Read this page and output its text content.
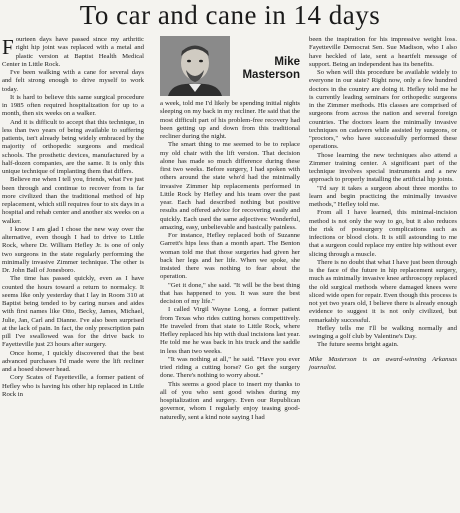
To car and cane in 14 days

Fourteen days have passed since my arthritic right hip joint was replaced with a metal and plastic version at Baptist Health Medical Center in Little Rock.

I've been walking with a cane for several days and felt strong enough to drive myself to work today.

It is hard to believe this same surgical procedure in 1985 often required hospitalization for up to a month, then six weeks on a walker.

And it is difficult to accept that this technique, in less than two years of being available to suffering patients, isn't already being widely embraced by the majority of orthopedic surgeons and medical schools. The prosthetic devices, manufactured by a half-dozen companies, are the same. It is only this unique technique of implanting them that differs.

Believe me when I tell you, friends, what I've just been through and continue to recover from is far more civilized than the traditional method of hip replacement, which still requires four to six days in a hospital and rehab center and another six weeks on a walker.

I know I am glad I chose the new way over the alternative, even though I had to drive to Little Rock, where Dr. William Hefley Jr. is one of only two surgeons in the state regularly performing the minimally invasive Zimmer technique. The other is Dr. John Ball of Jonesboro.

The time has passed quickly, even as I have counted the hours toward a return to normalcy. It seems like only yesterday that I lay in Room 310 at Baptist being tended to by caring nurses and aides with first names like Otto, Becky, James, Michael, Julie, Jan, Carl and Dianne. I've also been surprised at the lack of pain. In fact, the only prescription pain pill I've swallowed was for the drive back to Fayetteville just 23 hours after surgery.

Once home, I quickly discovered that the best advanced purchases I'd made were the lift recliner and a hosed shower head.

Cory Scates of Fayetteville, a former patient of Hefley who is having his other hip replaced in Little Rock in

Mike
Masterson

a week, told me I'd likely be spending initial nights sleeping on my back in my recliner. He said that the most difficult part of his problem-free recovery had been getting up and down from this traditional recliner during the night.

The smart thing to me seemed to be to replace my old chair with the lift version. That decision alone has made so much difference during these first two weeks. Before surgery, I had spoken with others around the state who'd had the minimally invasive Zimmer hip replacements performed in Little Rock by Hefley and his team over the past year. Each had described nothing but positive results and offered advice for recovering easily and quickly. Each used the same adjectives: Wonderful, amazing, easy, unbelievable and basically painless.

For instance, Hefley replaced both of Suzanne Garrett's hips less than a month apart. The Benton woman told me that those surgeries had given her back her legs and her life. When we spoke, she insisted there was nothing to fear about the operation.

"Get it done," she said. "It will be the best thing that has happened to you. It was sure the best decision of my life."

I called Virgil Wayne Long, a former patient from Texas who rides cutting horses competitively. He traveled from that state to Little Rock, where Hefley replaced his hip with dual incisions last year. He told me he was back in his truck and the saddle in less than two weeks.

"It was nothing at all," he said. "Have you ever tried riding a cutting horse? Go get the surgery done. There's nothing to worry about."

This seems a good place to insert my thanks to all of you who sent good wishes during my hospitalization and surgery. Even our Republican governor, whom I regularly enjoy teasing good-naturedly, sent a kind note saying I had

been the inspiration for his impressive weight loss. Fayetteville Democrat Sen. Sue Madison, who I also have heckled of late, sent a heartfelt message of support. Being an independent has its benefits.

So when will this procedure be available widely to everyone in our state? Right now, only a few hundred doctors in the country are doing it. Hefley told me he is currently leading seminars for orthopedic surgeons in the Zimmer methods. His classes are comprised of surgeons from across the nation and several foreign countries. The doctors learn the minimally invasive techniques on cadavers while assisted by surgeons, or "proctors," who have successfully performed these operations.

Those learning the new techniques also attend a Zimmer training center. A significant part of the technique involves special instruments and a new approach to properly installing the artificial hip joints.

"I'd say it takes a surgeon about three months to learn and begin practicing the minimally invasive methods," Hefley told me.

From all I have learned, this minimal-incision method is not only the way to go, but it also reduces the risk of postsurgery complications such as infections or blood clots. It is still astounding to me that a surgeon could replace my entire hip without ever slicing through a muscle.

There is no doubt that what I have just been through is the face of the future in hip replacement surgery, much as minimally invasive knee arthroscopy replaced the old surgical methods where damaged knees were sliced wide open for repair. Even though this process is not yet two years old, I believe there is already enough evidence to suggest it is not only civilized, but remarkably successful.

Hefley tells me I'll be walking normally and swinging a golf club by Valentine's Day.

The future seems bright again.

Mike Masterson is an award-winning Arkansas journalist.
